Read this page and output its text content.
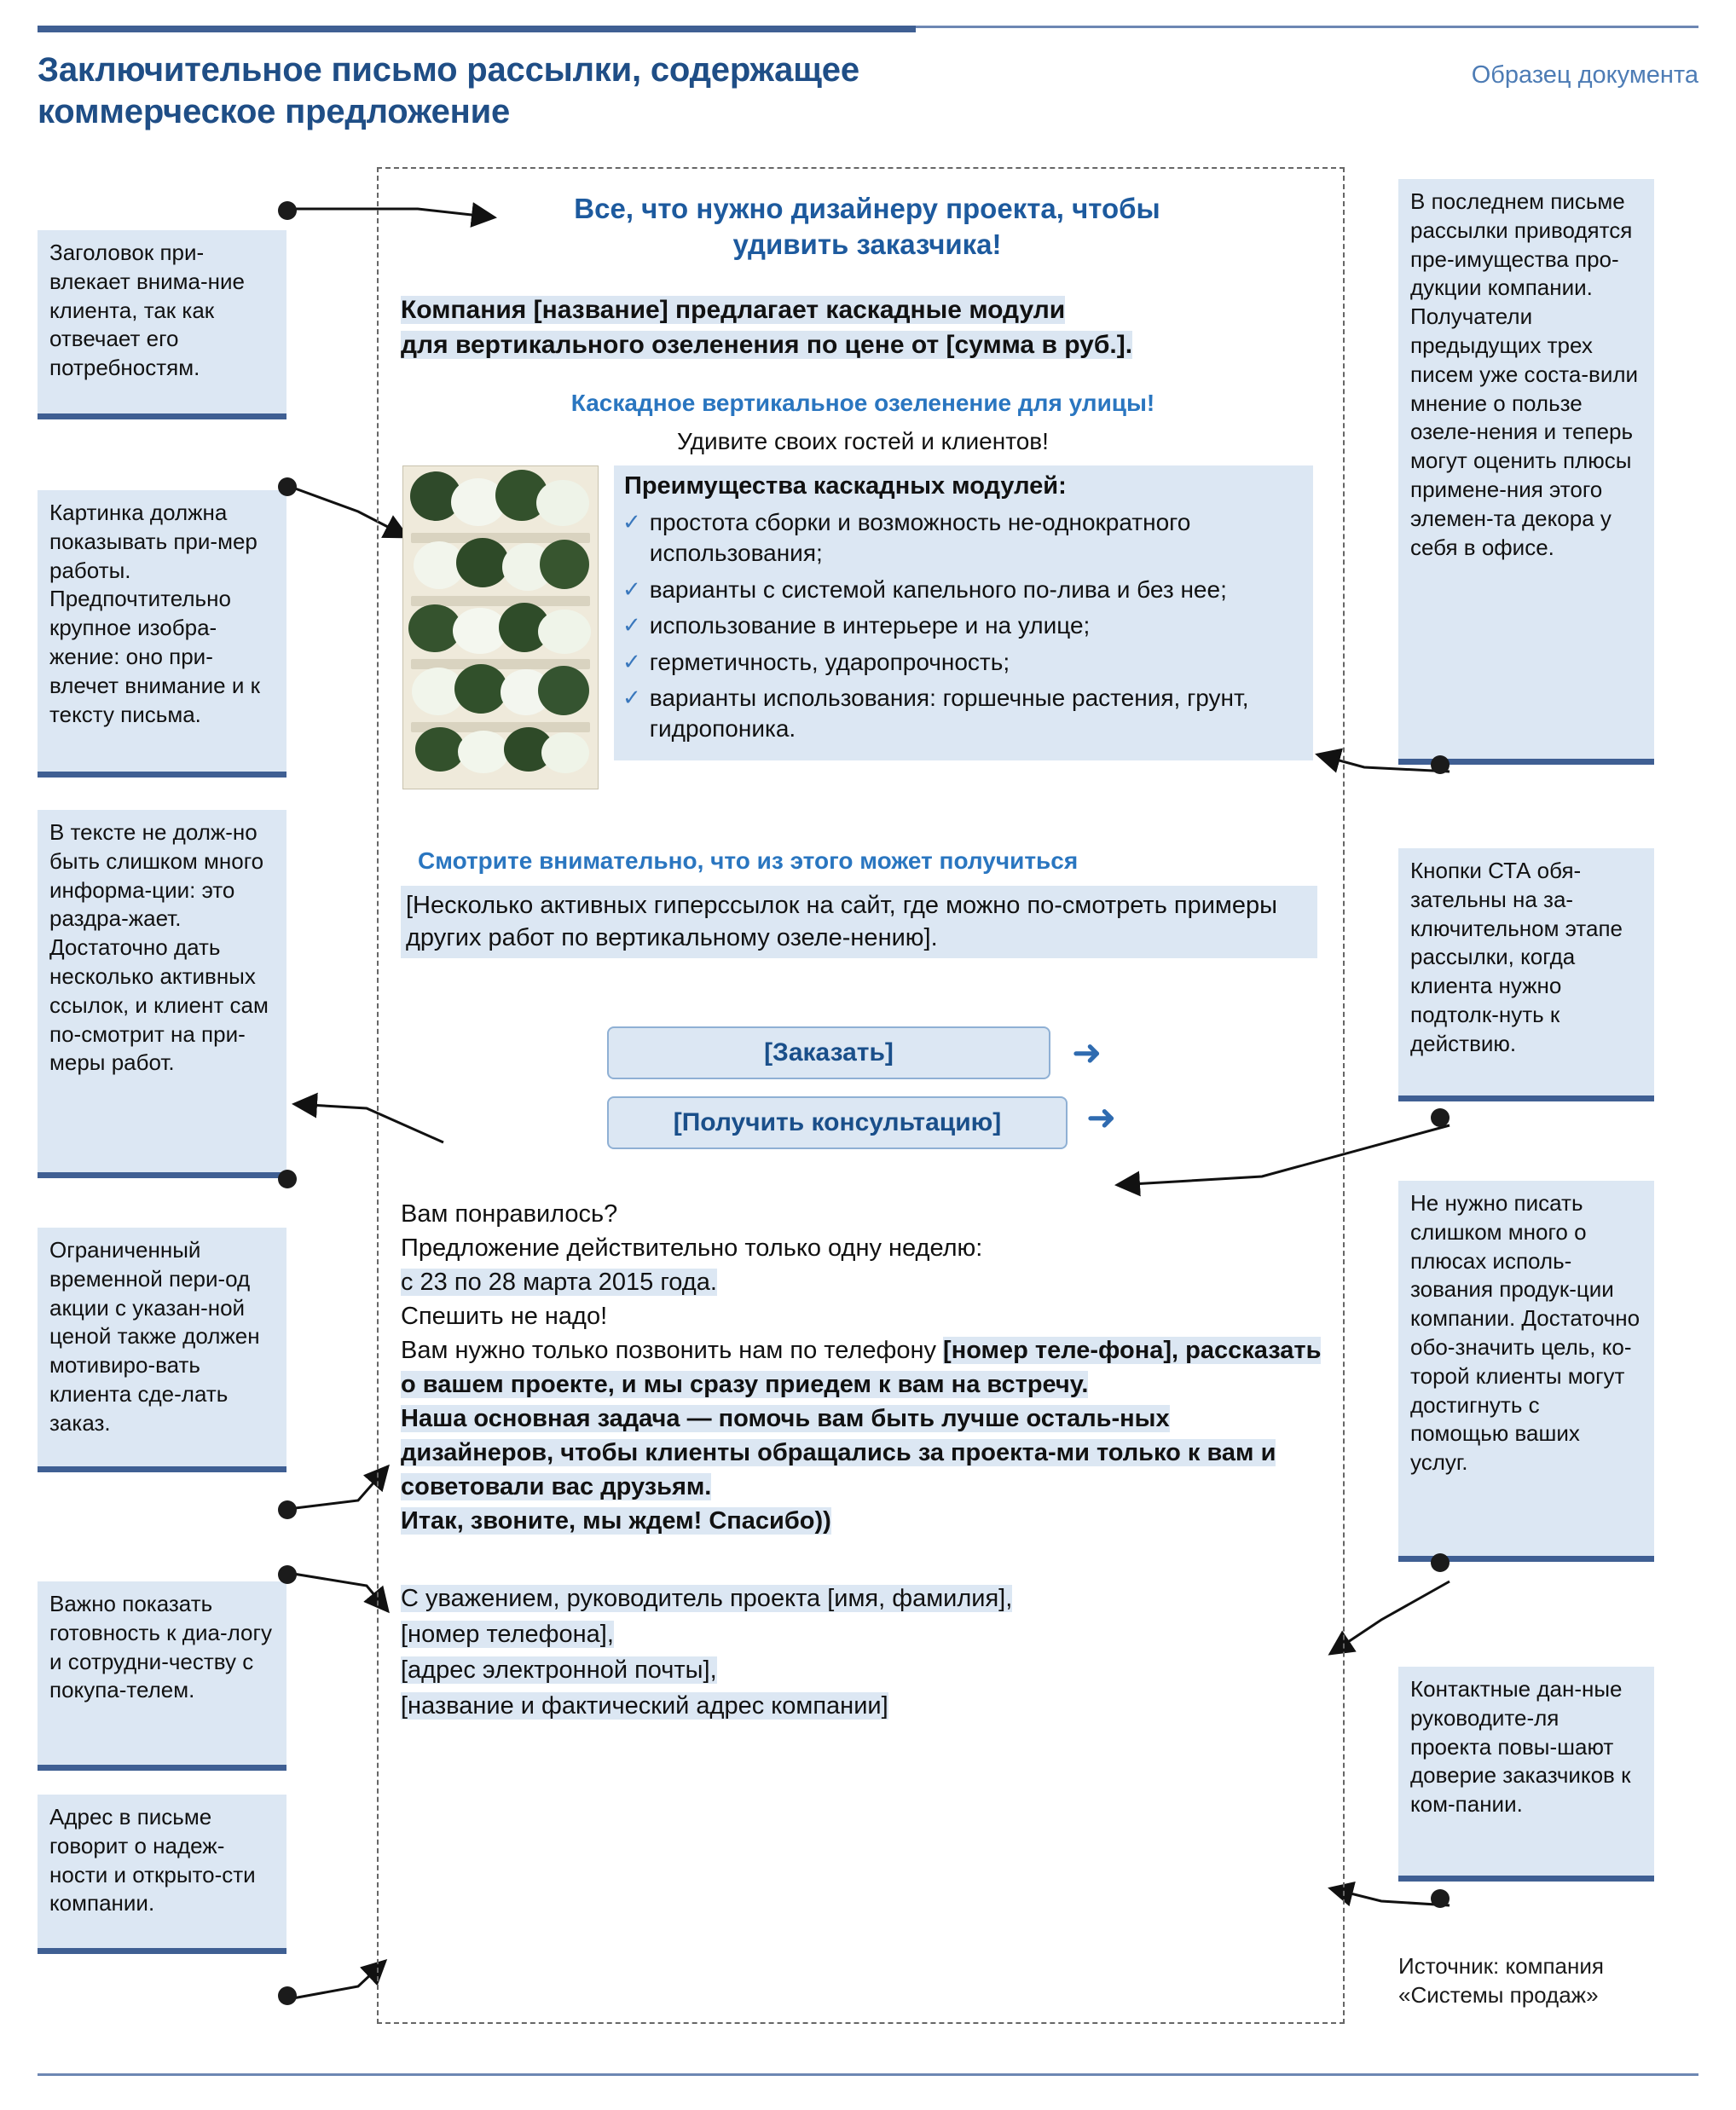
Заключительное письмо рассылки, содержащее коммерческое предложение
Образец документа
Заголовок при-влекает внима-ние клиента, так как отвечает его потребностям.
Картинка должна показывать при-мер работы. Предпочтительно крупное изобра-жение: оно при-влечет внимание и к тексту письма.
В тексте не долж-но быть слишком много информа-ции: это раздра-жает. Достаточно дать несколько активных ссылок, и клиент сам по-смотрит на при-меры работ.
Ограниченный временной пери-од акции с указан-ной ценой также должен мотивиро-вать клиента сде-лать заказ.
Важно показать готовность к диа-логу и сотрудни-честву с покупа-телем.
Адрес в письме говорит о надеж-ности и открыто-сти компании.
В последнем письме рассылки приводятся пре-имущества про-дукции компании. Получатели предыдущих трех писем уже соста-вили мнение о пользе озеле-нения и теперь могут оценить плюсы примене-ния этого элемен-та декора у себя в офисе.
Кнопки СТА обя-зательны на за-ключительном этапе рассылки, когда клиента нужно подтолк-нуть к действию.
Не нужно писать слишком много о плюсах исполь-зования продук-ции компании. Достаточно обо-значить цель, ко-торой клиенты могут достигнуть с помощью ваших услуг.
Контактные дан-ные руководите-ля проекта повы-шают доверие заказчиков к ком-пании.
Источник: компания «Системы продаж»
Все, что нужно дизайнеру проекта, чтобы удивить заказчика!
Компания [название] предлагает каскадные модули
для вертикального озеленения по цене от [сумма в руб.].
Каскадное вертикальное озеленение для улицы!
Удивите своих гостей и клиентов!
Преимущества каскадных модулей:
✓ простота сборки и возможность не-однократного использования;
✓ варианты с системой капельного по-лива и без нее;
✓ использование в интерьере и на улице;
✓ герметичность, ударопрочность;
✓ варианты использования: горшечные растения, грунт, гидропоника.
Смотрите внимательно, что из этого может получиться
[Несколько активных гиперссылок на сайт, где можно по-смотреть примеры других работ по вертикальному озеле-нению].
[Заказать]
[Получить консультацию]
➜
➜
Вам понравилось?
Предложение действительно только одну неделю:
с 23 по 28 марта 2015 года.
Спешить не надо!
Вам нужно только позвонить нам по телефону [номер теле-фона], рассказать о вашем проекте, и мы сразу приедем к вам на встречу.
Наша основная задача — помочь вам быть лучше осталь-ных дизайнеров, чтобы клиенты обращались за проекта-ми только к вам и советовали вас друзьям.
Итак, звоните, мы ждем! Спасибо))
С уважением, руководитель проекта [имя, фамилия],
[номер телефона],
[адрес электронной почты],
[название и фактический адрес компании]
